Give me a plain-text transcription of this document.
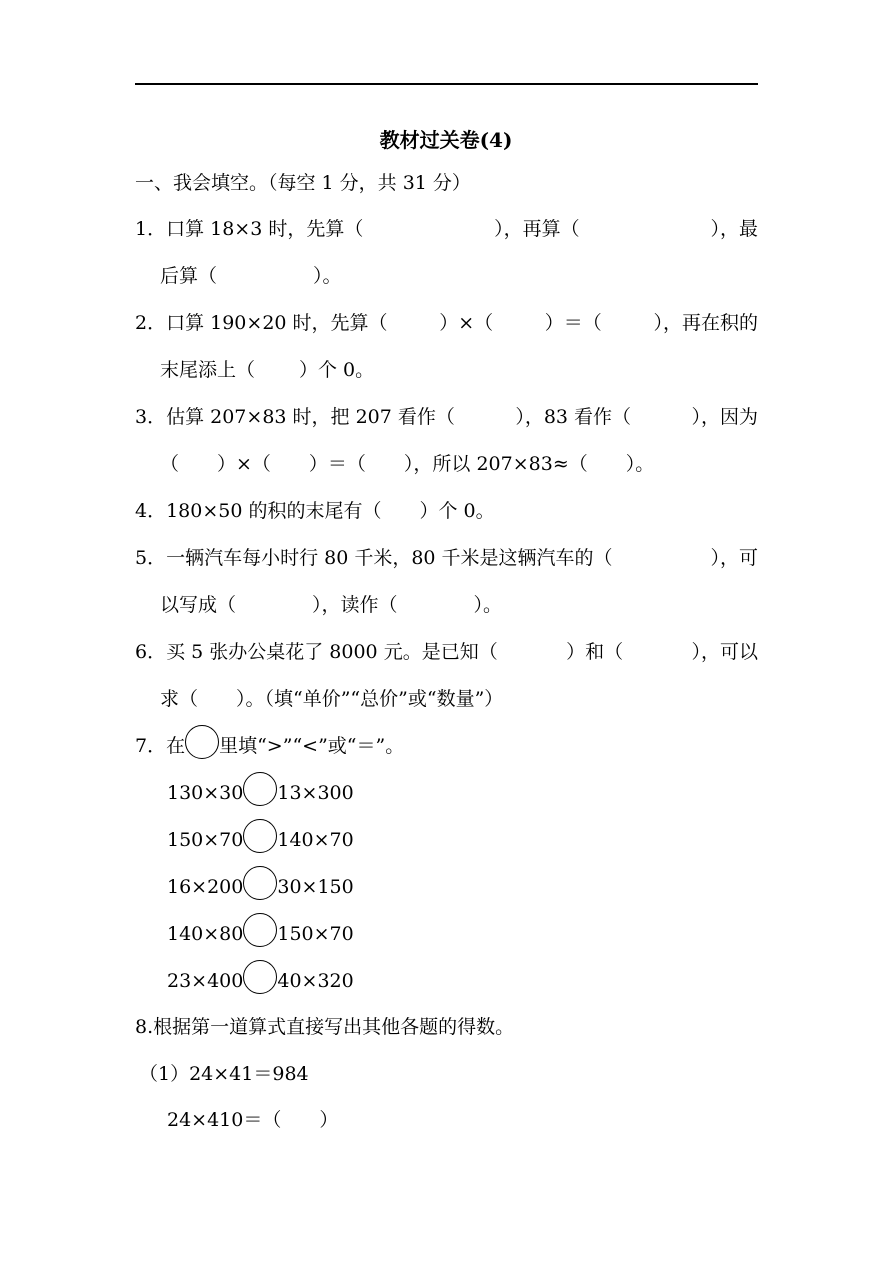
教材过关卷(4)
一、我会填空。（每空 1 分，共 31 分）
1．口算 18×3 时，先算（	），再算（	），最
后算（	）。
2．口算 190×20 时，先算（	）×（	）＝（	），再在积的
末尾添上（ ）个 0。
3．估算 207×83 时，把 207 看作（	），83 看作（	），因为
（　　）×（　　）＝（　　），所以 207×83≈（　　）。
4．180×50 的积的末尾有（　　）个 0。
5．一辆汽车每小时行 80 千米，80 千米是这辆汽车的（	），可
以写成（　　　　），读作（　　　　）。
6．买 5 张办公桌花了 8000 元。是已知（	）和（	），可以
求（　　）。（填“单价”“总价”或“数量”）
7．在 里填“>”“<”或“＝”。
130×30 13×300
150×70 140×70
16×200 30×150
140×80 150×70
23×400 40×320
8.根据第一道算式直接写出其他各题的得数。
（1）24×41＝984
24×410＝（　　）
